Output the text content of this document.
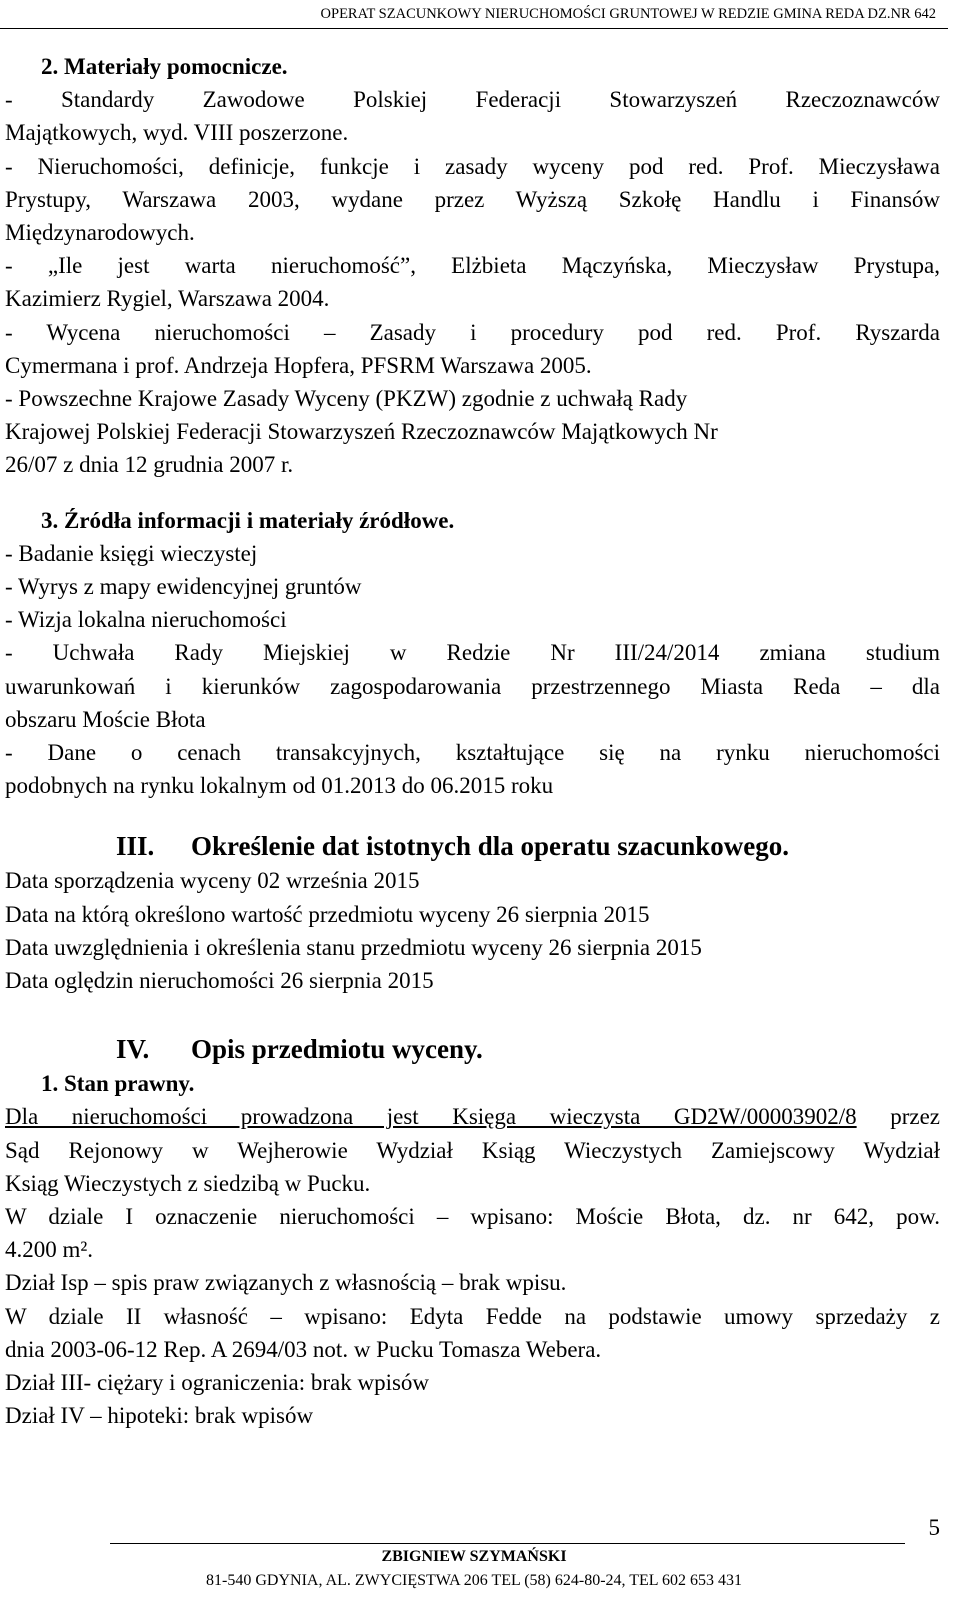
OPERAT SZACUNKOWY NIERUCHOMOŚCI GRUNTOWEJ W REDZIE GMINA REDA DZ.NR 642

2. Materiały pomocnicze.

- Standardy Zawodowe Polskiej Federacji Stowarzyszeń Rzeczoznawców

Majątkowych, wyd. VIII poszerzone.

- Nieruchomości, definicje, funkcje i zasady wyceny pod red. Prof. Mieczysława

Prystupy, Warszawa 2003, wydane przez Wyższą Szkołę Handlu i Finansów

Międzynarodowych.

- „Ile jest warta nieruchomość”, Elżbieta Mączyńska, Mieczysław Prystupa,

Kazimierz Rygiel, Warszawa 2004.

- Wycena nieruchomości – Zasady i procedury pod red. Prof. Ryszarda

Cymermana i prof. Andrzeja Hopfera, PFSRM Warszawa 2005.

- Powszechne Krajowe Zasady Wyceny (PKZW) zgodnie z uchwałą Rady

Krajowej Polskiej Federacji Stowarzyszeń Rzeczoznawców Majątkowych Nr

26/07 z dnia 12 grudnia 2007 r.

3. Źródła informacji i materiały źródłowe.

- Badanie księgi wieczystej

- Wyrys z mapy ewidencyjnej gruntów

- Wizja lokalna nieruchomości

- Uchwała Rady Miejskiej w Redzie Nr III/24/2014 zmiana studium

uwarunkowań i kierunków zagospodarowania przestrzennego Miasta Reda – dla

obszaru Moście Błota

- Dane o cenach transakcyjnych, kształtujące się na rynku nieruchomości

podobnych na rynku lokalnym od 01.2013 do 06.2015 roku

III. Określenie dat istotnych dla operatu szacunkowego.

Data sporządzenia wyceny 02 września 2015
Data na którą określono wartość przedmiotu wyceny 26 sierpnia 2015
Data uwzględnienia i określenia stanu przedmiotu wyceny 26 sierpnia 2015
Data oględzin nieruchomości 26 sierpnia 2015

IV. Opis przedmiotu wyceny.

1. Stan prawny.

Dla nieruchomości prowadzona jest Księga wieczysta GD2W/00003902/8 przez

Sąd Rejonowy w Wejherowie Wydział Ksiąg Wieczystych Zamiejscowy Wydział

Ksiąg Wieczystych z siedzibą w Pucku.

W dziale I oznaczenie nieruchomości – wpisano: Moście Błota, dz. nr 642, pow.

4.200 m².

Dział Isp – spis praw związanych z własnością – brak wpisu.

W dziale II własność – wpisano: Edyta Fedde na podstawie umowy sprzedaży z

dnia 2003-06-12 Rep. A 2694/03 not. w Pucku Tomasza Webera.

Dział III- ciężary i ograniczenia: brak wpisów

Dział IV – hipoteki: brak wpisów

5
ZBIGNIEW SZYMAŃSKI
81-540 GDYNIA, AL. ZWYCIĘSTWA 206 TEL (58) 624-80-24, TEL 602 653 431
